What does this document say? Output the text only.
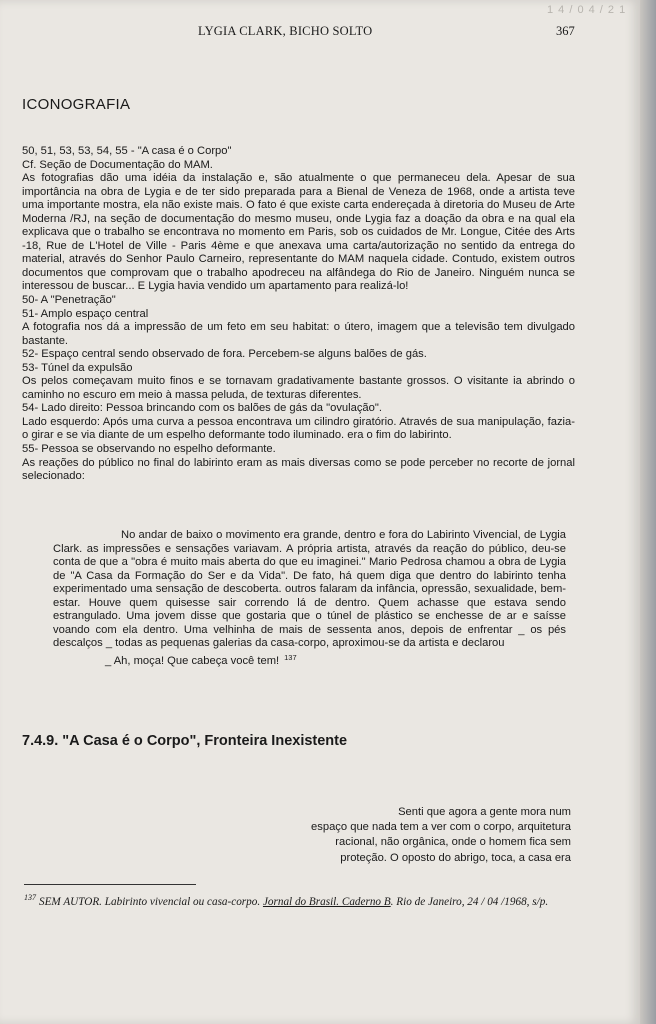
1 4 / 0 4 / 2 1
LYGIA CLARK, BICHO SOLTO	367
ICONOGRAFIA
50, 51, 53, 53, 54, 55 - "A casa é o Corpo"
Cf. Seção de Documentação do MAM.
As fotografias dão uma idéia da instalação e, são atualmente o que permaneceu dela. Apesar de sua importância na obra de Lygia e de ter sido preparada para a Bienal de Veneza de 1968, onde a artista teve uma importante mostra, ela não existe mais. O fato é que existe carta endereçada à diretoria do Museu de Arte Moderna /RJ, na seção de documentação do mesmo museu, onde Lygia faz a doação da obra e na qual ela explicava que o trabalho se encontrava no momento em Paris, sob os cuidados de Mr. Longue, Citée des Arts -18, Rue de L'Hotel de Ville - Paris 4ème e que anexava uma carta/autorização no sentido da entrega do material, através do Senhor Paulo Carneiro, representante do MAM naquela cidade. Contudo, existem outros documentos que comprovam que o trabalho apodreceu na alfândega do Rio de Janeiro. Ninguém nunca se interessou de buscar... E Lygia havia vendido um apartamento para realizá-lo!
50- A "Penetração"
51- Amplo espaço central
A fotografia nos dá a impressão de um feto em seu habitat: o útero, imagem que a televisão tem divulgado bastante.
52- Espaço central sendo observado de fora. Percebem-se alguns balões de gás.
53- Túnel da expulsão
Os pelos começavam muito finos e se tornavam gradativamente bastante grossos. O visitante ia abrindo o caminho no escuro em meio à massa peluda, de texturas diferentes.
54- Lado direito: Pessoa brincando com os balões de gás da "ovulação".
Lado esquerdo: Após uma curva a pessoa encontrava um cilindro giratório. Através de sua manipulação, fazia-o girar e se via diante de um espelho deformante todo iluminado. era o fim do labirinto.
55- Pessoa se observando no espelho deformante.
As reações do público no final do labirinto eram as mais diversas como se pode perceber no recorte de jornal selecionado:
No andar de baixo o movimento era grande, dentro e fora do Labirinto Vivencial, de Lygia Clark. as impressões e sensações variavam. A própria artista, através da reação do público, deu-se conta de que a "obra é muito mais aberta do que eu imaginei." Mario Pedrosa chamou a obra de Lygia de "A Casa da Formação do Ser e da Vida". De fato, há quem diga que dentro do labirinto tenha experimentado uma sensação de descoberta. outros falaram da infância, opressão, sexualidade, bem-estar. Houve quem quisesse sair correndo lá de dentro. Quem achasse que estava sendo estrangulado. Uma jovem disse que gostaria que o túnel de plástico se enchesse de ar e saísse voando com ela dentro. Uma velhinha de mais de sessenta anos, depois de enfrentar _ os pés descalços _ todas as pequenas galerias da casa-corpo, aproximou-se da artista e declarou
_ Ah, moça! Que cabeça você tem! $^{137}$
7.4.9. "A Casa é o Corpo", Fronteira Inexistente
Senti que agora a gente mora num
espaço que nada tem a ver com o corpo, arquitetura
racional, não orgânica, onde o homem fica sem
proteção. O oposto do abrigo, toca, a casa era
$^{137}$ SEM AUTOR. Labirinto vivencial ou casa-corpo. Jornal do Brasil. Caderno B. Rio de Janeiro, 24 / 04 /1968, s/p.
